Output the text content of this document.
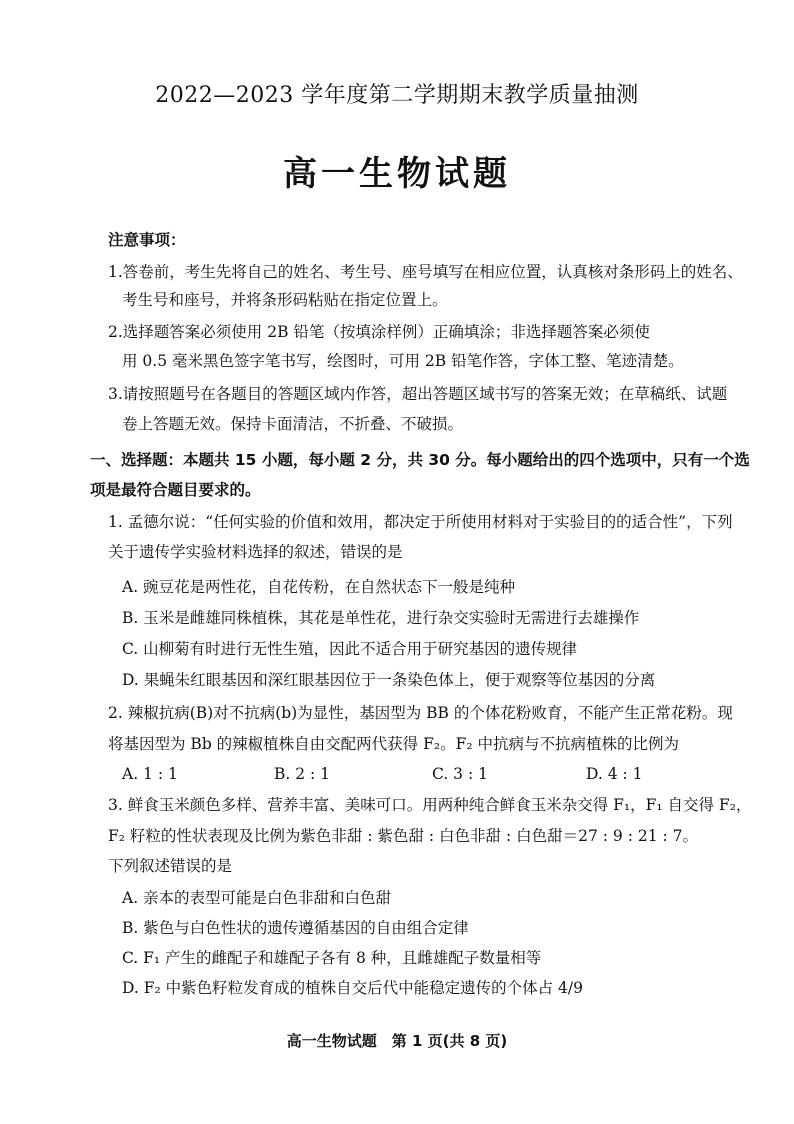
2022—2023 学年度第二学期期末教学质量抽测
高一生物试题
注意事项：
1.答卷前，考生先将自己的姓名、考生号、座号填写在相应位置，认真核对条形码上的姓名、
考生号和座号，并将条形码粘贴在指定位置上。
2.选择题答案必须使用 2B 铅笔（按填涂样例）正确填涂；非选择题答案必须使
用 0.5 毫米黑色签字笔书写，绘图时，可用 2B 铅笔作答，字体工整、笔迹清楚。
3.请按照题号在各题目的答题区域内作答，超出答题区域书写的答案无效；在草稿纸、试题
卷上答题无效。保持卡面清洁，不折叠、不破损。
一、选择题：本题共 15 小题，每小题 2 分，共 30 分。每小题给出的四个选项中，只有一个选
项是最符合题目要求的。
1. 孟德尔说：“任何实验的价值和效用，都决定于所使用材料对于实验目的的适合性”，下列
关于遗传学实验材料选择的叙述，错误的是
A. 豌豆花是两性花，自花传粉，在自然状态下一般是纯种
B. 玉米是雌雄同株植株，其花是单性花，进行杂交实验时无需进行去雄操作
C. 山柳菊有时进行无性生殖，因此不适合用于研究基因的遗传规律
D. 果蝇朱红眼基因和深红眼基因位于一条染色体上，便于观察等位基因的分离
2. 辣椒抗病(B)对不抗病(b)为显性，基因型为 BB 的个体花粉败育，不能产生正常花粉。现
将基因型为 Bb 的辣椒植株自由交配两代获得 F₂。F₂ 中抗病与不抗病植株的比例为
A. 1 : 1	B. 2 : 1	C. 3 : 1	D. 4 : 1
3. 鲜食玉米颜色多样、营养丰富、美味可口。用两种纯合鲜食玉米杂交得 F₁，F₁ 自交得 F₂，
F₂ 籽粒的性状表现及比例为紫色非甜 : 紫色甜 : 白色非甜 : 白色甜＝27 : 9 : 21 : 7。
下列叙述错误的是
A. 亲本的表型可能是白色非甜和白色甜
B. 紫色与白色性状的遗传遵循基因的自由组合定律
C. F₁ 产生的雌配子和雄配子各有 8 种，且雌雄配子数量相等
D. F₂ 中紫色籽粒发育成的植株自交后代中能稳定遗传的个体占 4/9
高一生物试题　第 1 页(共 8 页)
